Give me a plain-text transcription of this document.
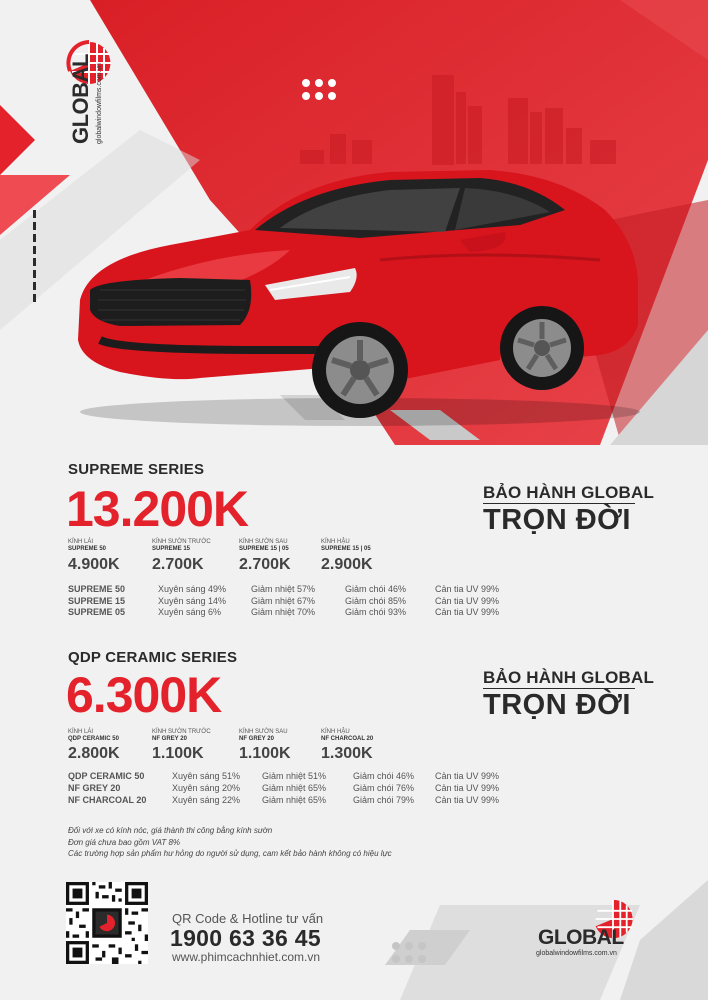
GLOBAL globalwindowfilms.com.vn
SUPREME SERIES
13.200K	BẢO HÀNH GLOBAL
TRỌN ĐỜI
KÍNH LÁI
SUPREME 50
4.900K
KÍNH SƯỜN TRƯỚC
SUPREME 15
2.700K
KÍNH SƯỜN SAU
SUPREME 15 | 05
2.700K
KÍNH HẬU
SUPREME 15 | 05
2.900K
SUPREME 50	Xuyên sáng 49%	Giảm nhiệt 57%	Giảm chói 46%	Cản tia UV 99%
SUPREME 15	Xuyên sáng 14%	Giảm nhiệt 67%	Giảm chói 85%	Cản tia UV 99%
SUPREME 05	Xuyên sáng 6%	Giảm nhiệt 70%	Giảm chói 93%	Cản tia UV 99%
QDP CERAMIC SERIES
6.300K	BẢO HÀNH GLOBAL
TRỌN ĐỜI
KÍNH LÁI
QDP CERAMIC 50
2.800K
KÍNH SƯỜN TRƯỚC
NF GREY 20
1.100K
KÍNH SƯỜN SAU
NF GREY 20
1.100K
KÍNH HẬU
NF CHARCOAL 20
1.300K
QDP CERAMIC 50	Xuyên sáng 51% Giảm nhiệt 51%	Giảm chói 46% Cản tia UV 99%
NF GREY 20	Xuyên sáng 20% Giảm nhiệt 65%	Giảm chói 76% Cản tia UV 99%
NF CHARCOAL 20	Xuyên sáng 22% Giảm nhiệt 65%	Giảm chói 79% Cản tia UV 99%
Đối với xe có kính nóc, giá thành thi công bằng kính sườn
Đơn giá chưa bao gồm VAT 8%
Các trường hợp sản phẩm hư hỏng do người sử dụng, cam kết bảo hành không có hiệu lực
QR Code & Hotline tư vấn
1900 63 36 45
www.phimcachnhiet.com.vn
GLOBAL
globalwindowfilms.com.vn
